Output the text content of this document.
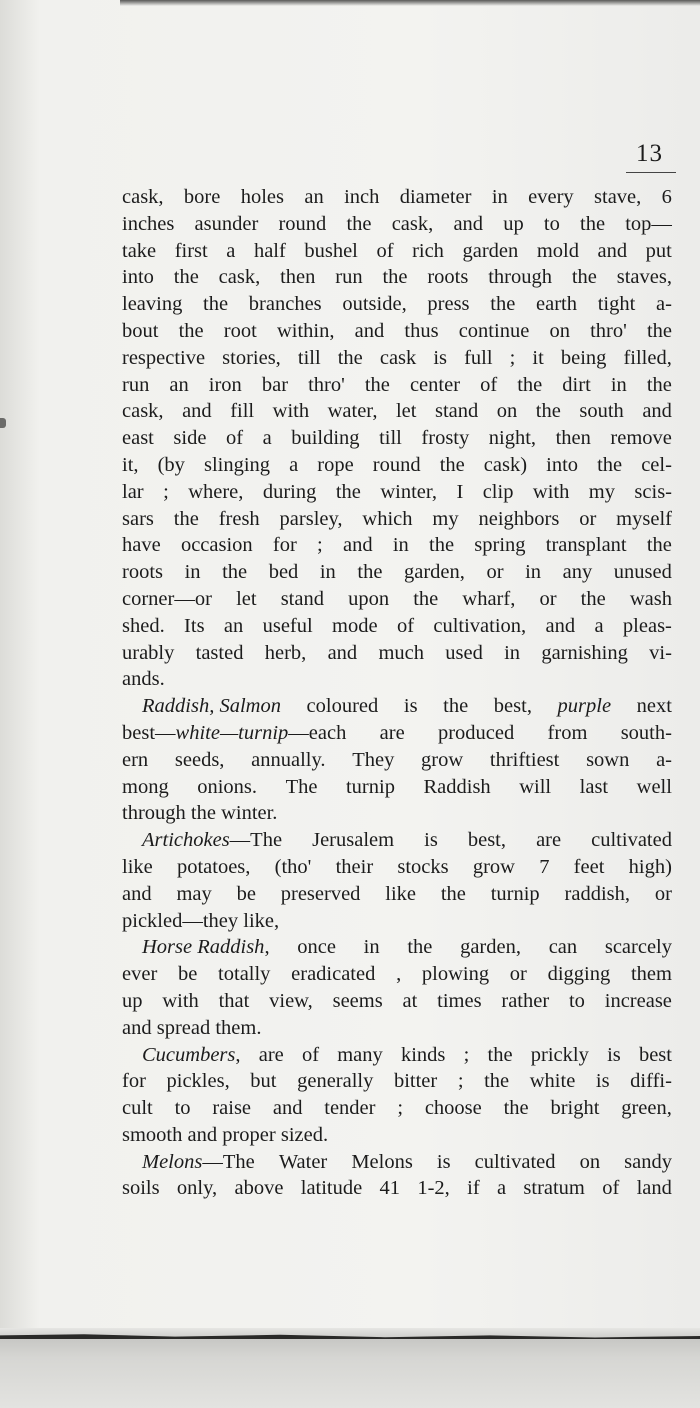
13
cask, bore holes an inch diameter in every stave, 6
inches asunder round the cask, and up to the top—
take first a half bushel of rich garden mold and put
into the cask, then run the roots through the staves,
leaving the branches outside, press the earth tight a-
bout the root within, and thus continue on thro' the
respective stories, till the cask is full ; it being filled,
run an iron bar thro' the center of the dirt in the
cask, and fill with water, let stand on the south and
east side of a building till frosty night, then remove
it, (by slinging a rope round the cask) into the cel-
lar ; where, during the winter, I clip with my scis-
sars the fresh parsley, which my neighbors or myself
have occasion for ; and in the spring transplant the
roots in the bed in the garden, or in any unused
corner—or let stand upon the wharf, or the wash
shed. Its an useful mode of cultivation, and a pleas-
urably tasted herb, and much used in garnishing vi-
ands.
Raddish, Salmon coloured is the best, purple next
best—white—turnip—each are produced from south-
ern seeds, annually. They grow thriftiest sown a-
mong onions. The turnip Raddish will last well
through the winter.
Artichokes—The Jerusalem is best, are cultivated
like potatoes, (tho' their stocks grow 7 feet high)
and may be preserved like the turnip raddish, or
pickled—they like,
Horse Raddish, once in the garden, can scarcely
ever be totally eradicated , plowing or digging them
up with that view, seems at times rather to increase
and spread them.
Cucumbers, are of many kinds ; the prickly is best
for pickles, but generally bitter ; the white is diffi-
cult to raise and tender ; choose the bright green,
smooth and proper sized.
Melons—The Water Melons is cultivated on sandy
soils only, above latitude 41 1-2, if a stratum of land
